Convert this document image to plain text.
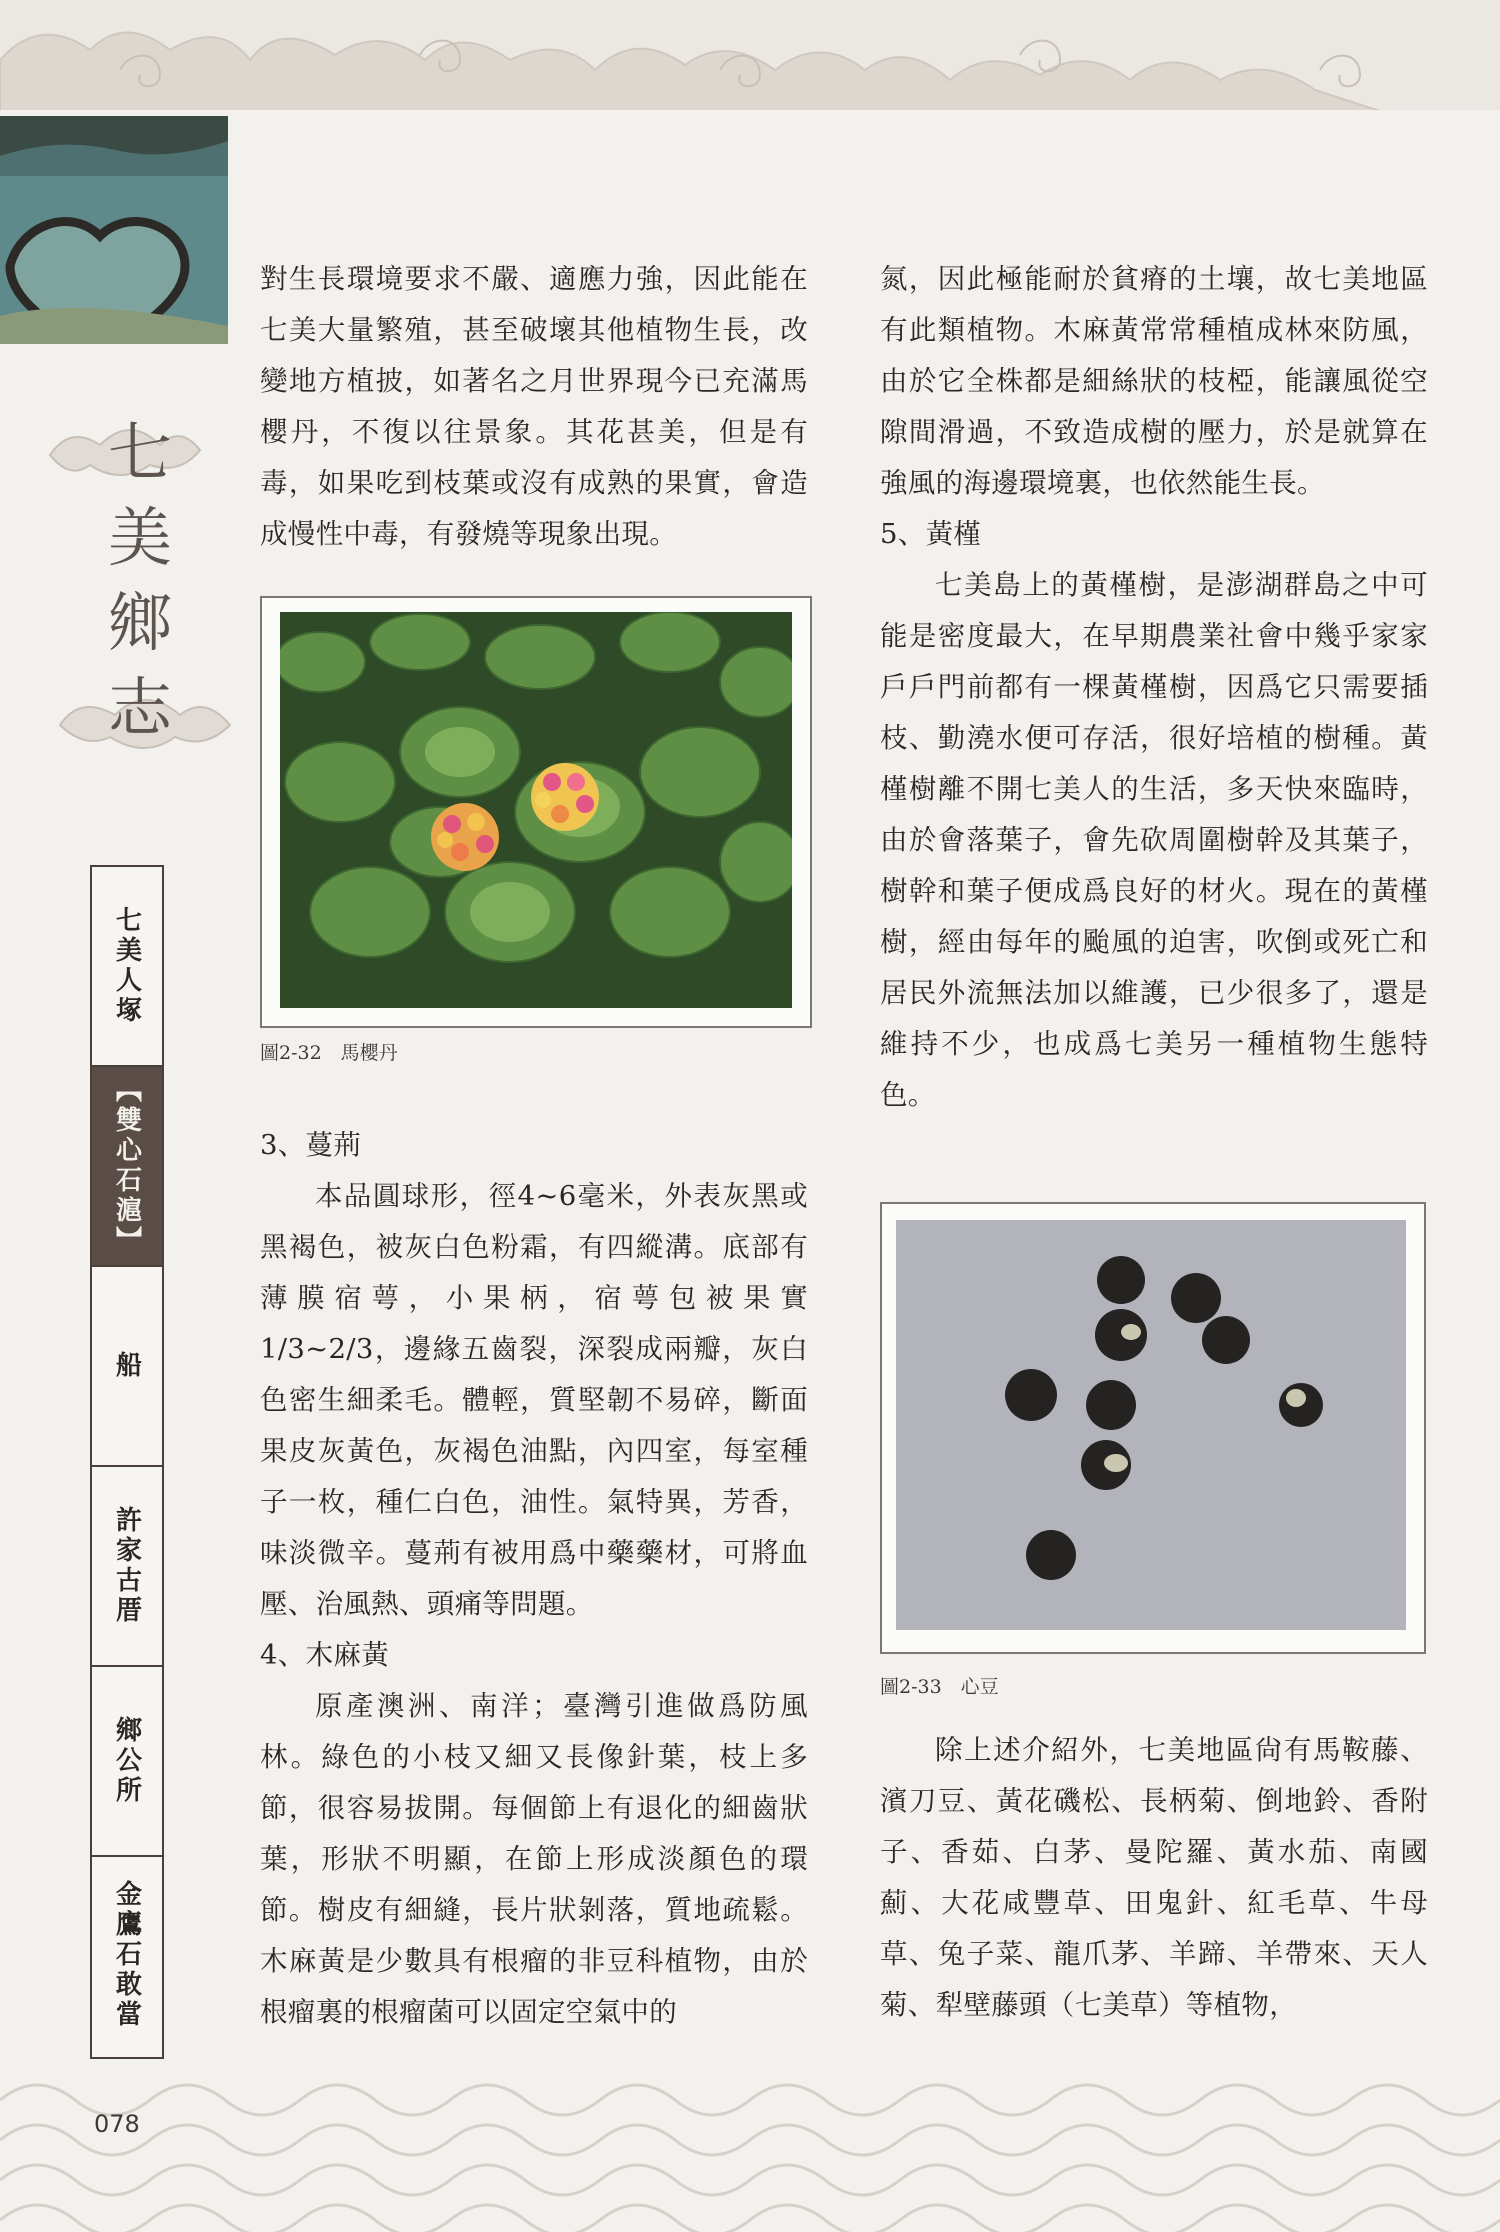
七
美
鄉
志
七美人塚
【雙心石滬】
船
許家古厝
鄉公所
金鷹石敢當

對生長環境要求不嚴、適應力強，因此能在七美大量繁殖，甚至破壞其他植物生長，改變地方植披，如著名之月世界現今已充滿馬櫻丹，不復以往景象。其花甚美，但是有毒，如果吃到枝葉或沒有成熟的果實，會造成慢性中毒，有發燒等現象出現。

圖2-32　馬櫻丹

3、蔓荊

本品圓球形，徑4~6毫米，外表灰黑或黑褐色，被灰白色粉霜，有四縱溝。底部有薄膜宿萼，小果柄，宿萼包被果實1/3~2/3，邊緣五齒裂，深裂成兩瓣，灰白色密生細柔毛。體輕，質堅韌不易碎，斷面果皮灰黃色，灰褐色油點，內四室，每室種子一枚，種仁白色，油性。氣特異，芳香，味淡微辛。蔓荊有被用爲中藥藥材，可將血壓、治風熱、頭痛等問題。

4、木麻黃

原產澳洲、南洋；臺灣引進做爲防風林。綠色的小枝又細又長像針葉，枝上多節，很容易拔開。每個節上有退化的細齒狀葉，形狀不明顯，在節上形成淡顏色的環節。樹皮有細縫，長片狀剝落，質地疏鬆。木麻黃是少數具有根瘤的非豆科植物，由於根瘤裏的根瘤菌可以固定空氣中的

氮，因此極能耐於貧瘠的土壤，故七美地區有此類植物。木麻黃常常種植成林來防風，由於它全株都是細絲狀的枝椏，能讓風從空隙間滑過，不致造成樹的壓力，於是就算在強風的海邊環境裏，也依然能生長。

5、黃槿

七美島上的黃槿樹，是澎湖群島之中可能是密度最大，在早期農業社會中幾乎家家戶戶門前都有一棵黃槿樹，因爲它只需要插枝、勤澆水便可存活，很好培植的樹種。黃槿樹離不開七美人的生活，多天快來臨時，由於會落葉子，會先砍周圍樹幹及其葉子，樹幹和葉子便成爲良好的材火。現在的黃槿樹，經由每年的颱風的迫害，吹倒或死亡和居民外流無法加以維護，已少很多了，還是維持不少，也成爲七美另一種植物生態特色。

圖2-33　心豆

除上述介紹外，七美地區尙有馬鞍藤、濱刀豆、黃花磯松、長柄菊、倒地鈴、香附子、香茹、白茅、曼陀羅、黃水茄、南國薊、大花咸豐草、田鬼針、紅毛草、牛母草、兔子菜、龍爪茅、羊蹄、羊帶來、天人菊、犁壁藤頭（七美草）等植物，

078
